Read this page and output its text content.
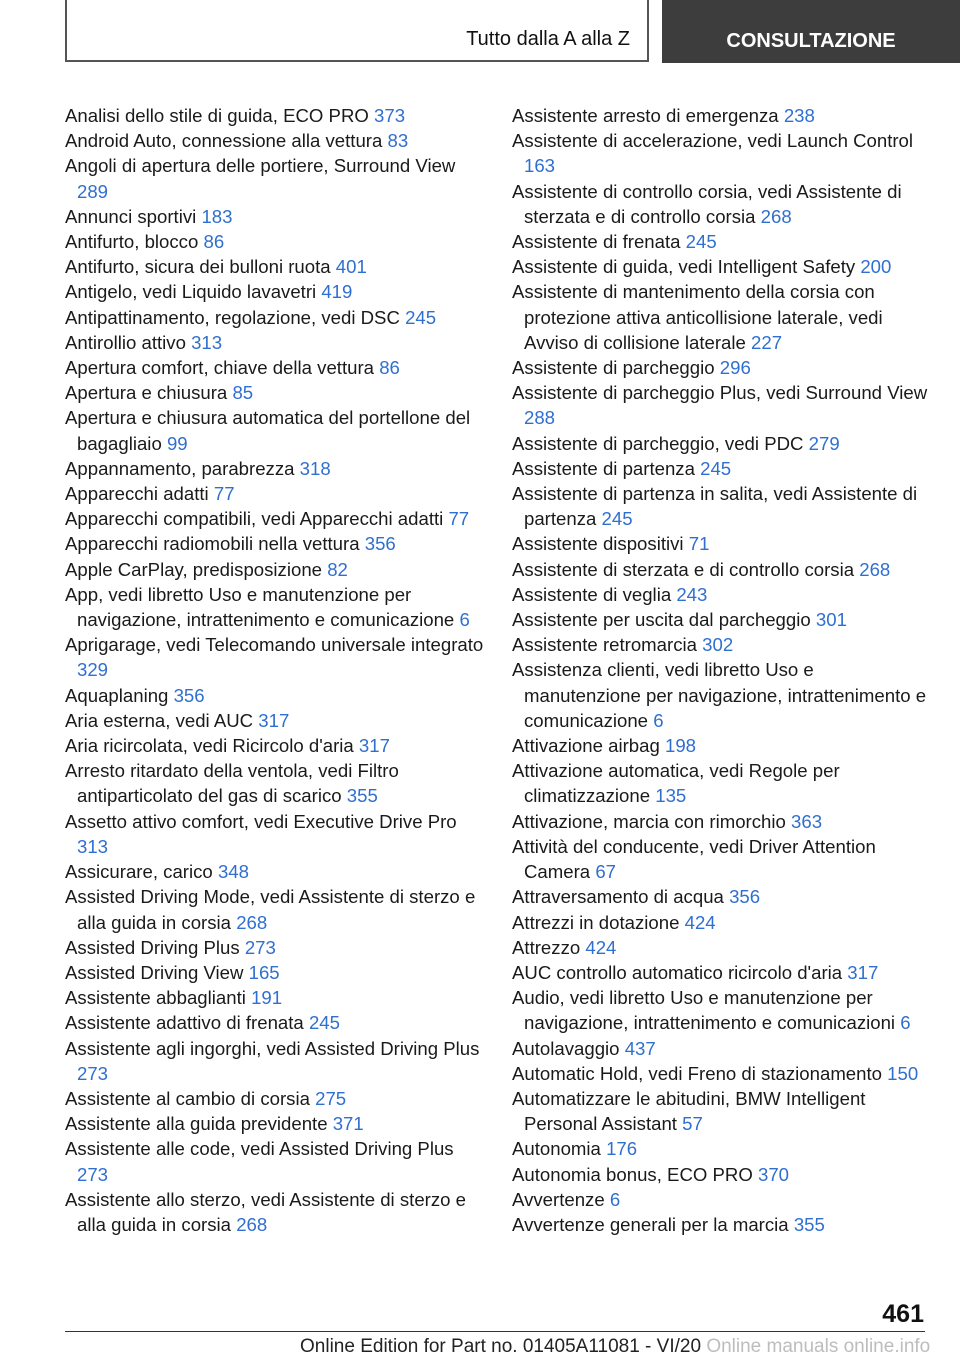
Tutto dalla A alla Z	CONSULTAZIONE

Analisi dello stile di guida, ECO PRO 373

Android Auto, connessione alla vettura 83

Angoli di apertura delle portiere, Surround View 289

Annunci sportivi 183

Antifurto, blocco 86

Antifurto, sicura dei bulloni ruota 401

Antigelo, vedi Liquido lavavetri 419

Antipattinamento, regolazione, vedi DSC 245

Antirollio attivo 313

Apertura comfort, chiave della vettura 86

Apertura e chiusura 85

Apertura e chiusura automatica del portellone del bagagliaio 99

Appannamento, parabrezza 318

Apparecchi adatti 77

Apparecchi compatibili, vedi Apparecchi adatti 77

Apparecchi radiomobili nella vettura 356

Apple CarPlay, predisposizione 82

App, vedi libretto Uso e manutenzione per navigazione, intrattenimento e comunicazione 6

Aprigarage, vedi Telecomando universale integrato 329

Aquaplaning 356

Aria esterna, vedi AUC 317

Aria ricircolata, vedi Ricircolo d'aria 317

Arresto ritardato della ventola, vedi Filtro antiparticolato del gas di scarico 355

Assetto attivo comfort, vedi Executive Drive Pro 313

Assicurare, carico 348

Assisted Driving Mode, vedi Assistente di sterzo e alla guida in corsia 268

Assisted Driving Plus 273

Assisted Driving View 165

Assistente abbaglianti 191

Assistente adattivo di frenata 245

Assistente agli ingorghi, vedi Assisted Driving Plus 273

Assistente al cambio di corsia 275

Assistente alla guida previdente 371

Assistente alle code, vedi Assisted Driving Plus 273

Assistente allo sterzo, vedi Assistente di sterzo e alla guida in corsia 268

Assistente arresto di emergenza 238

Assistente di accelerazione, vedi Launch Control 163

Assistente di controllo corsia, vedi Assistente di sterzata e di controllo corsia 268

Assistente di frenata 245

Assistente di guida, vedi Intelligent Safety 200

Assistente di mantenimento della corsia con protezione attiva anticollisione laterale, vedi Avviso di collisione laterale 227

Assistente di parcheggio 296

Assistente di parcheggio Plus, vedi Surround View 288

Assistente di parcheggio, vedi PDC 279

Assistente di partenza 245

Assistente di partenza in salita, vedi Assistente di partenza 245

Assistente dispositivi 71

Assistente di sterzata e di controllo corsia 268

Assistente di veglia 243

Assistente per uscita dal parcheggio 301

Assistente retromarcia 302

Assistenza clienti, vedi libretto Uso e manutenzione per navigazione, intrattenimento e comunicazione 6

Attivazione airbag 198

Attivazione automatica, vedi Regole per climatizzazione 135

Attivazione, marcia con rimorchio 363

Attività del conducente, vedi Driver Attention Camera 67

Attraversamento di acqua 356

Attrezzi in dotazione 424

Attrezzo 424

AUC controllo automatico ricircolo d'aria 317

Audio, vedi libretto Uso e manutenzione per navigazione, intrattenimento e comunicazioni 6

Autolavaggio 437

Automatic Hold, vedi Freno di stazionamento 150

Automatizzare le abitudini, BMW Intelligent Personal Assistant 57

Autonomia 176

Autonomia bonus, ECO PRO 370

Avvertenze 6

Avvertenze generali per la marcia 355

461
Online Edition for Part no. 01405A11081 - VI/20 Online manuals online.info
